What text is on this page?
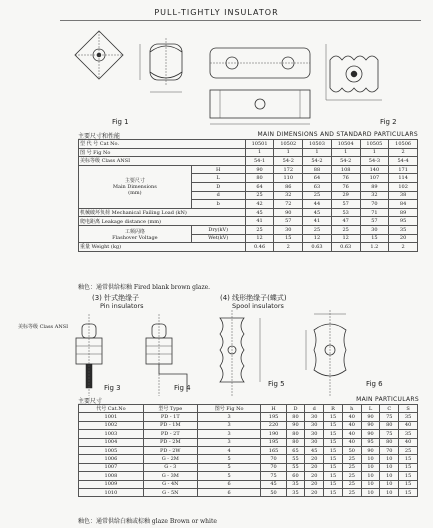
PULL-TIGHTLY INSULATOR
Fig 1	Fig 2
主要尺寸和性能	MAIN DIMENSIONS AND STANDARD PARTICULARS
型 代 号 Cat No.		10501	10502	10503	10504	10505	10506
图 号 Fig No		1	1	1	1	1	2
美标等级 Class ANSI		54-1	54-2	54-2	54-2	54-3	54-4
主要尺寸
Main Dimensions
(mm)	H	90	172	88	108	140	171
	L	80	110	64	76	107	114
	D	64	86	63	76	89	102
	d	25	32	25	29	32	38
	b	42	72	44	57	70	84
机械破坏负荷 Mechanical Failing Load (kN)		45	90	45	53	71	89
爬电距离 Leakage distance (mm)		41	57	41	47	57	95
工频闪络
Flashover Voltage	Dry(kV)	25	30	25	25	30	35
	Wet(kV)	12	15	12	12	15	20
重量 Weight (kg)		0.46	2	0.63	0.63	1.2	2
釉色：通常供给棕釉 Fired blank brown glaze.
(3) 针式绝缘子
Pin insulators
(4) 线形绝缘子(蝶式)
Spool insulators
美标等级 Class ANSI
Fig 3	Fig 4	Fig 5	Fig 6
主要尺寸	MAIN PARTICULARS
代号 Cat.No	型号 Type	图号 Fig No	H	D	d	R	h	L	C	S
1001	PD - 1T	3	195	80	30	15	40	90	75	35
1002	PD - 1M	3	220	90	30	15	40	90	80	40
1003	PD - 2T	3	190	80	30	15	40	90	75	35
1004	PD - 2M	3	195	80	30	15	40	95	80	40
1005	PD - 2W	4	165	65	45	15	50	90	70	25
1006	G - 2M	5	70	55	20	15	25	10	10	15
1007	G - 3	5	70	55	20	15	25	10	10	15
1008	G - 3M	5	75	60	20	15	25	10	10	15
1009	G - 4N	6	45	35	20	15	25	10	10	15
1010	G - 5N	6	50	35	20	15	25	10	10	15
釉色：通常供给白釉或棕釉 glaze Brown or white
